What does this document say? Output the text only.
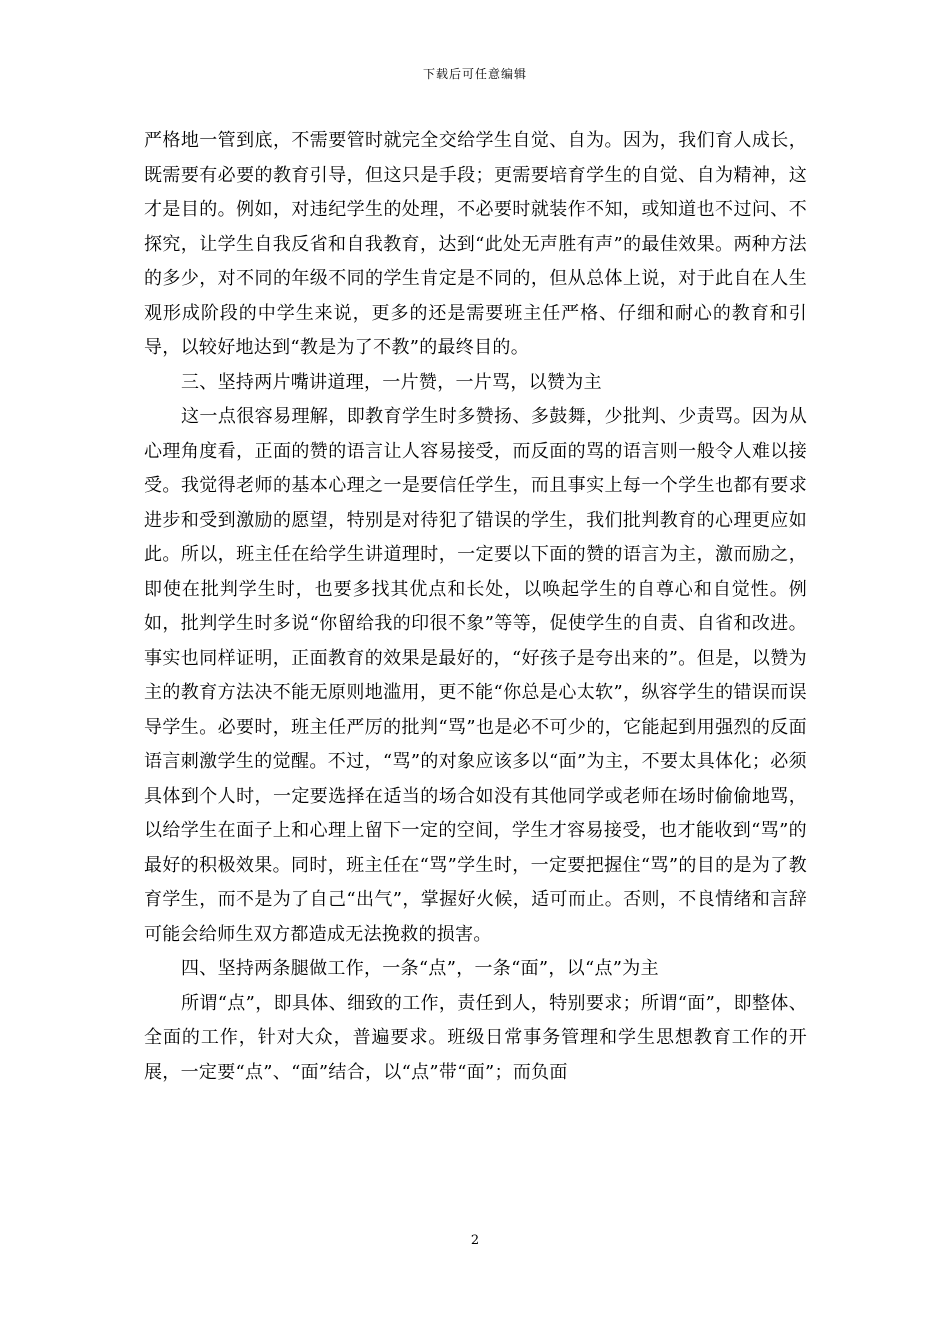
下载后可任意编辑

严格地一管到底，不需要管时就完全交给学生自觉、自为。因为，我们育人成长，既需要有必要的教育引导，但这只是手段；更需要培育学生的自觉、自为精神，这才是目的。例如，对违纪学生的处理，不必要时就装作不知，或知道也不过问、不探究，让学生自我反省和自我教育，达到“此处无声胜有声”的最佳效果。两种方法的多少，对不同的年级不同的学生肯定是不同的，但从总体上说，对于此自在人生观形成阶段的中学生来说，更多的还是需要班主任严格、仔细和耐心的教育和引导，以较好地达到“教是为了不教”的最终目的。

三、坚持两片嘴讲道理，一片赞，一片骂，以赞为主

这一点很容易理解，即教育学生时多赞扬、多鼓舞，少批判、少责骂。因为从心理角度看，正面的赞的语言让人容易接受，而反面的骂的语言则一般令人难以接受。我觉得老师的基本心理之一是要信任学生，而且事实上每一个学生也都有要求进步和受到激励的愿望，特别是对待犯了错误的学生，我们批判教育的心理更应如此。所以，班主任在给学生讲道理时，一定要以下面的赞的语言为主，激而励之，即使在批判学生时，也要多找其优点和长处，以唤起学生的自尊心和自觉性。例如，批判学生时多说“你留给我的印很不象”等等，促使学生的自责、自省和改进。事实也同样证明，正面教育的效果是最好的，“好孩子是夸出来的”。但是，以赞为主的教育方法决不能无原则地滥用，更不能“你总是心太软”，纵容学生的错误而误导学生。必要时，班主任严厉的批判“骂”也是必不可少的，它能起到用强烈的反面语言刺激学生的觉醒。不过，“骂”的对象应该多以“面”为主，不要太具体化；必须具体到个人时，一定要选择在适当的场合如没有其他同学或老师在场时偷偷地骂，以给学生在面子上和心理上留下一定的空间，学生才容易接受，也才能收到“骂”的最好的积极效果。同时，班主任在“骂”学生时，一定要把握住“骂”的目的是为了教育学生，而不是为了自己“出气”，掌握好火候，适可而止。否则，不良情绪和言辞可能会给师生双方都造成无法挽救的损害。

四、坚持两条腿做工作，一条“点”，一条“面”，以“点”为主

所谓“点”，即具体、细致的工作，责任到人，特别要求；所谓“面”，即整体、全面的工作，针对大众，普遍要求。班级日常事务管理和学生思想教育工作的开展，一定要“点”、“面”结合，以“点”带“面”；而负面

2
